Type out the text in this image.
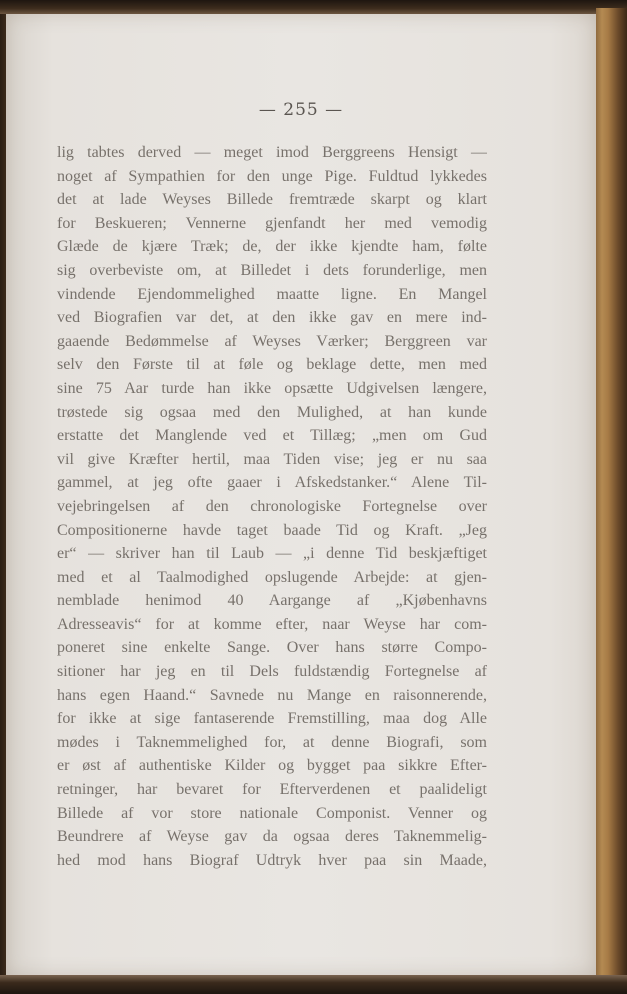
— 255 —
lig tabtes derved — meget imod Berggreens Hensigt —
noget af Sympathien for den unge Pige. Fuldtud lykkedes
det at lade Weyses Billede fremtræde skarpt og klart
for Beskueren; Vennerne gjenfandt her med vemodig
Glæde de kjære Træk; de, der ikke kjendte ham, følte
sig overbeviste om, at Billedet i dets forunderlige, men
vindende Ejendommelighed maatte ligne. En Mangel
ved Biografien var det, at den ikke gav en mere ind-
gaaende Bedømmelse af Weyses Værker; Berggreen var
selv den Første til at føle og beklage dette, men med
sine 75 Aar turde han ikke opsætte Udgivelsen længere,
trøstede sig ogsaa med den Mulighed, at han kunde
erstatte det Manglende ved et Tillæg; „men om Gud
vil give Kræfter hertil, maa Tiden vise; jeg er nu saa
gammel, at jeg ofte gaaer i Afskedstanker.“ Alene Til-
vejebringelsen af den chronologiske Fortegnelse over
Compositionerne havde taget baade Tid og Kraft. „Jeg
er“ — skriver han til Laub — „i denne Tid beskjæftiget
med et al Taalmodighed opslugende Arbejde: at gjen-
nemblade henimod 40 Aargange af „Kjøbenhavns
Adresseavis“ for at komme efter, naar Weyse har com-
poneret sine enkelte Sange. Over hans større Compo-
sitioner har jeg en til Dels fuldstændig Fortegnelse af
hans egen Haand.“ Savnede nu Mange en raisonnerende,
for ikke at sige fantaserende Fremstilling, maa dog Alle
mødes i Taknemmelighed for, at denne Biografi, som
er øst af authentiske Kilder og bygget paa sikkre Efter-
retninger, har bevaret for Efterverdenen et paalideligt
Billede af vor store nationale Componist. Venner og
Beundrere af Weyse gav da ogsaa deres Taknemmelig-
hed mod hans Biograf Udtryk hver paa sin Maade,
